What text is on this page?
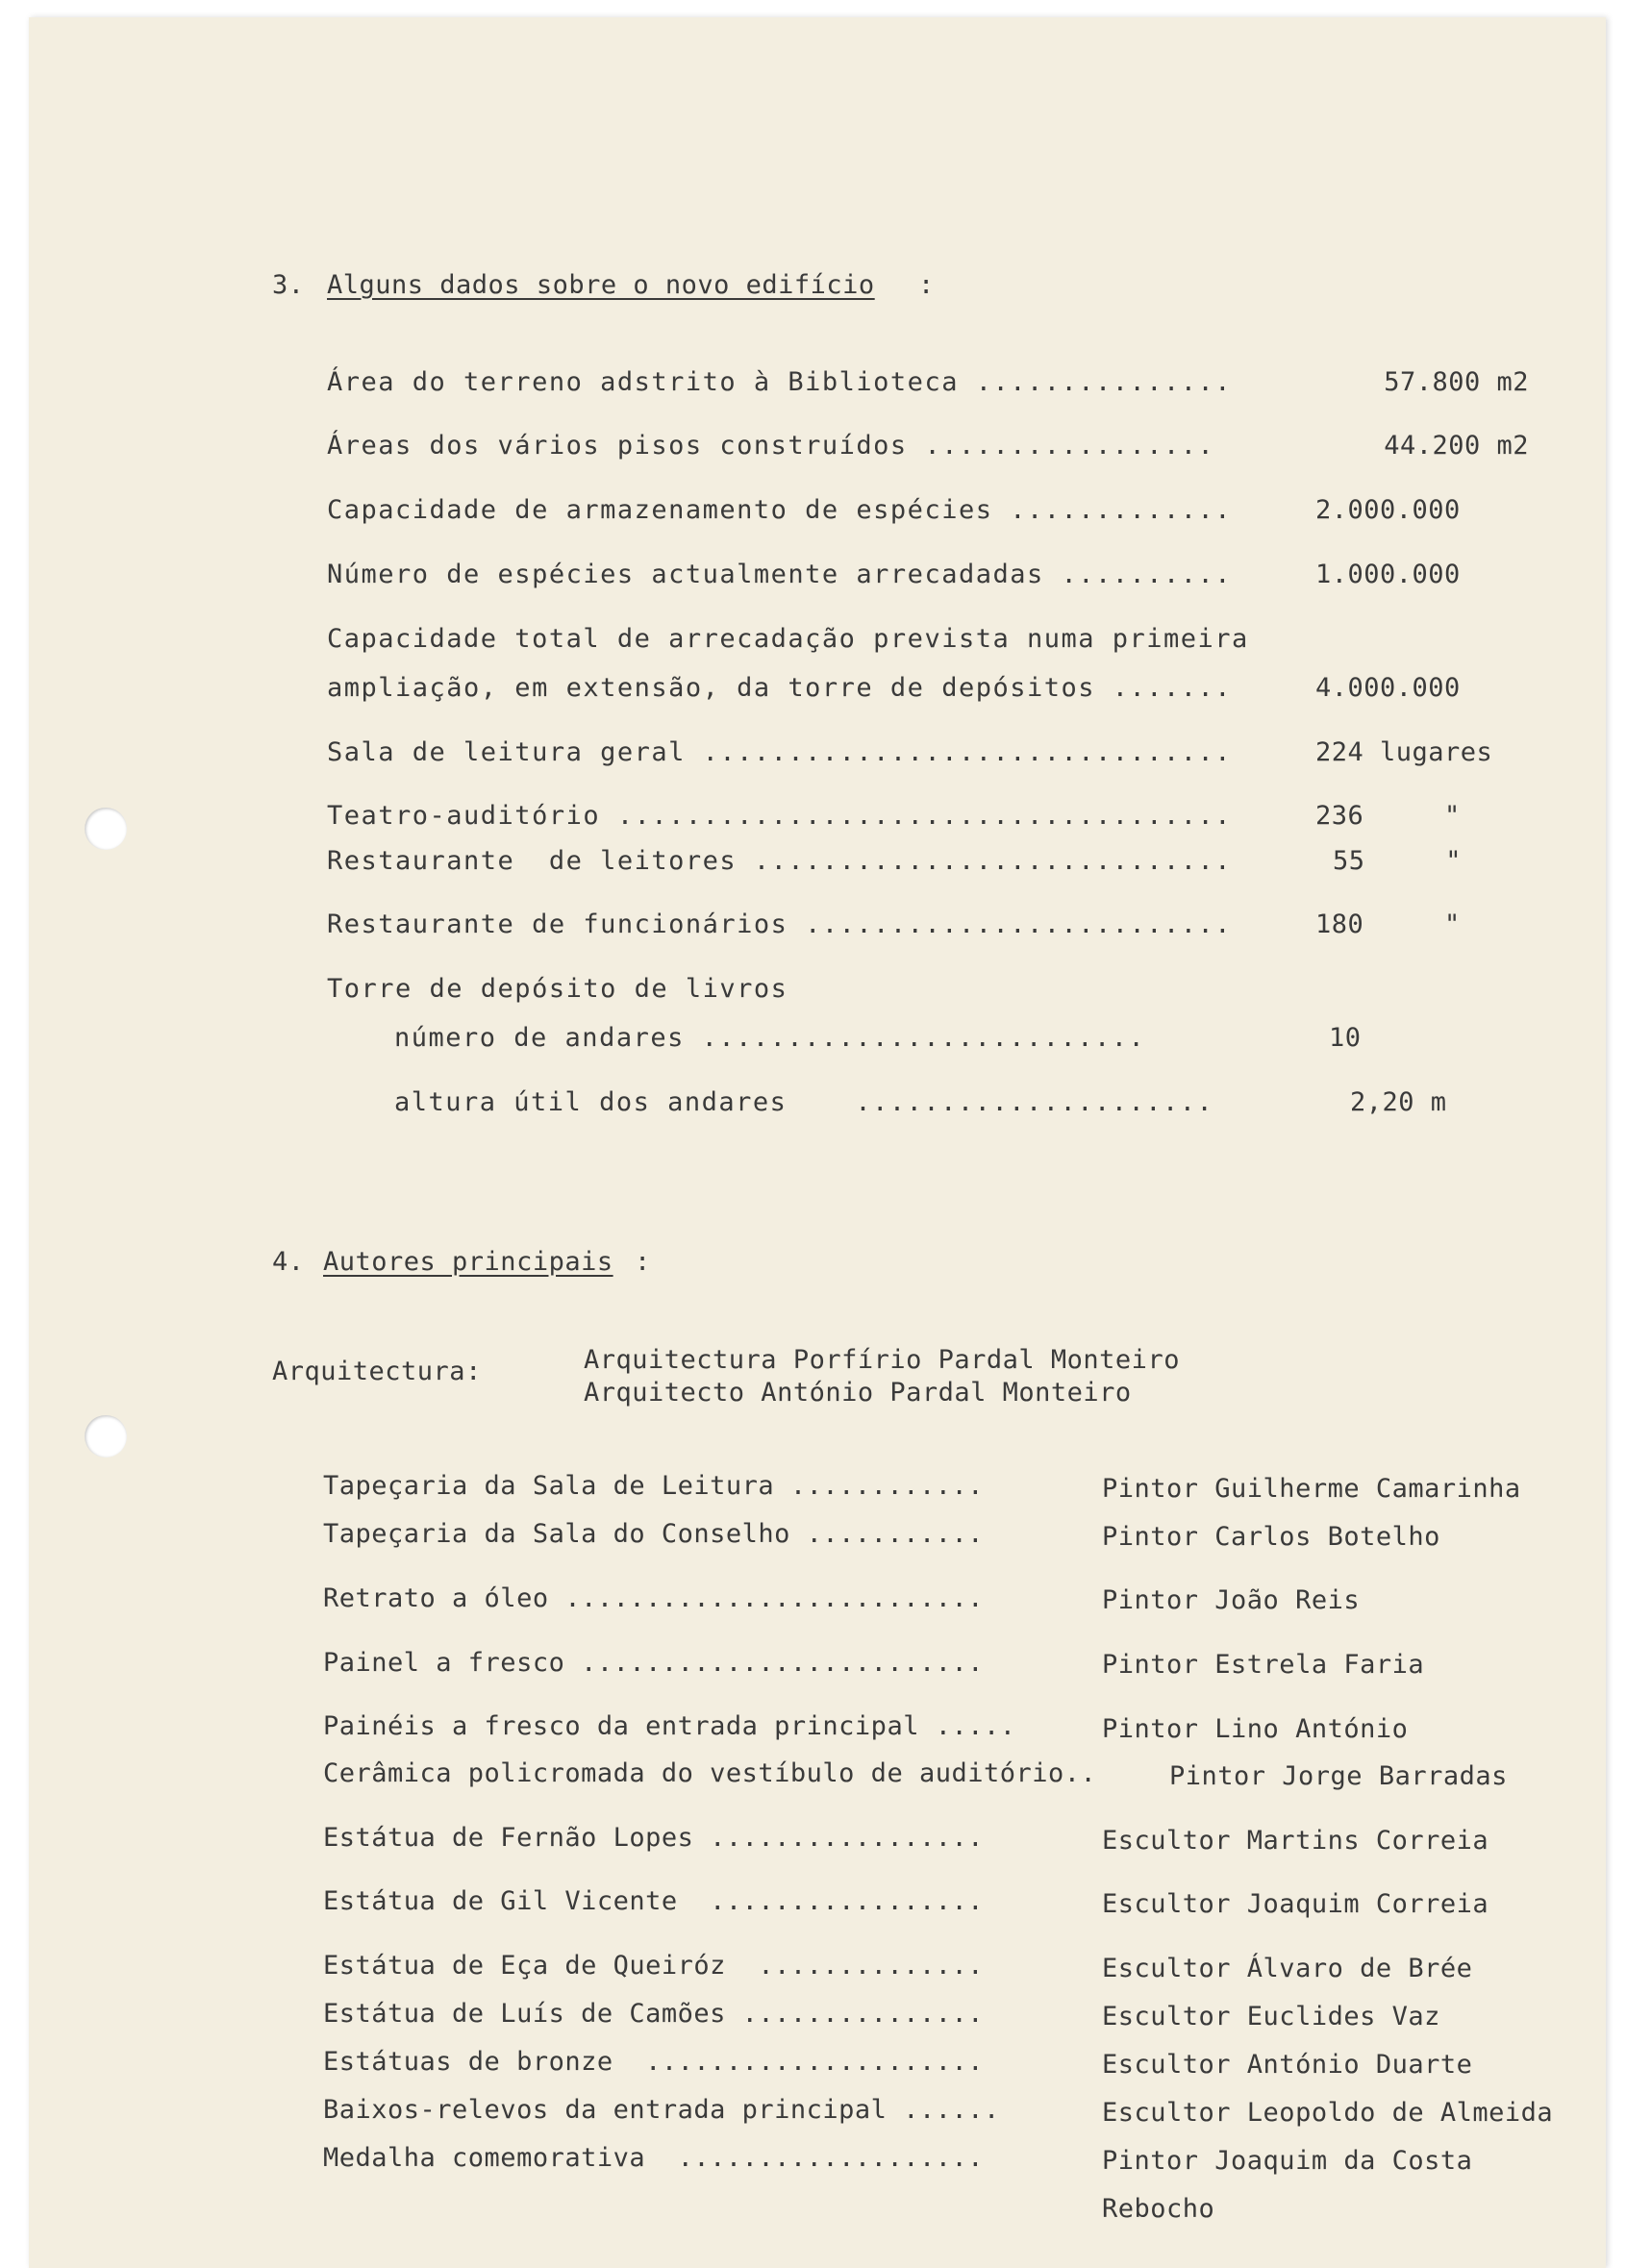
3. Alguns dados sobre o novo edifício :
Área do terreno adstrito à Biblioteca ...............	57.800 m2
Áreas dos vários pisos construídos .................	44.200 m2
Capacidade de armazenamento de espécies .............	2.000.000
Número de espécies actualmente arrecadadas ..........	1.000.000
Capacidade total de arrecadação prevista numa primeira
ampliação, em extensão, da torre de depósitos .......	4.000.000
Sala de leitura geral ...............................	224 lugares
Teatro-auditório ....................................	236     "
Restaurante  de leitores ............................	55     "
Restaurante de funcionários .........................	180     "
Torre de depósito de livros
número de andares ..........................	10
altura útil dos andares    .....................	2,20 m
4. Autores principais :
Arquitectura:	Arquitectura Porfírio Pardal Monteiro
Arquitecto António Pardal Monteiro
Tapeçaria da Sala de Leitura ............	Pintor Guilherme Camarinha
Tapeçaria da Sala do Conselho ...........	Pintor Carlos Botelho
Retrato a óleo ..........................	Pintor João Reis
Painel a fresco .........................	Pintor Estrela Faria
Painéis a fresco da entrada principal .....	Pintor Lino António
Cerâmica policromada do vestíbulo de auditório..	Pintor Jorge Barradas
Estátua de Fernão Lopes .................	Escultor Martins Correia
Estátua de Gil Vicente  .................	Escultor Joaquim Correia
Estátua de Eça de Queiróz  ..............	Escultor Álvaro de Brée
Estátua de Luís de Camões ...............	Escultor Euclides Vaz
Estátuas de bronze  .....................	Escultor António Duarte
Baixos-relevos da entrada principal ......	Escultor Leopoldo de Almeida
Medalha comemorativa  ...................	Pintor Joaquim da Costa
Rebocho
